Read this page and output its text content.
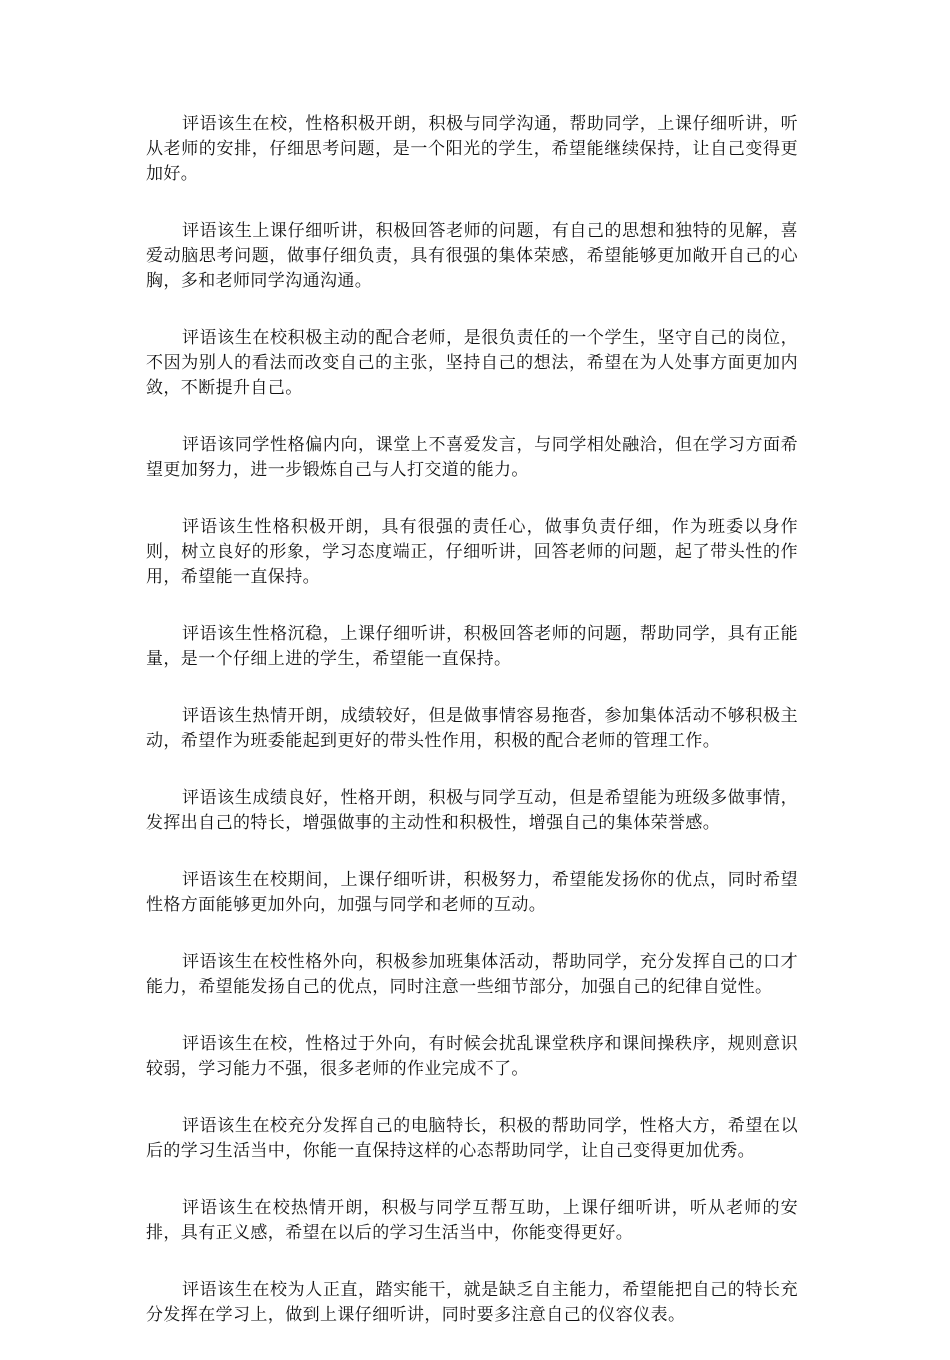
评语该生在校，性格积极开朗，积极与同学沟通，帮助同学，上课仔细听讲，听从老师的安排，仔细思考问题，是一个阳光的学生，希望能继续保持，让自己变得更加好。

评语该生上课仔细听讲，积极回答老师的问题，有自己的思想和独特的见解，喜爱动脑思考问题，做事仔细负责，具有很强的集体荣感，希望能够更加敞开自己的心胸，多和老师同学沟通沟通。

评语该生在校积极主动的配合老师，是很负责任的一个学生，坚守自己的岗位，不因为别人的看法而改变自己的主张，坚持自己的想法，希望在为人处事方面更加内敛，不断提升自己。

评语该同学性格偏内向，课堂上不喜爱发言，与同学相处融洽，但在学习方面希望更加努力，进一步锻炼自己与人打交道的能力。

评语该生性格积极开朗，具有很强的责任心，做事负责仔细，作为班委以身作则，树立良好的形象，学习态度端正，仔细听讲，回答老师的问题，起了带头性的作用，希望能一直保持。

评语该生性格沉稳，上课仔细听讲，积极回答老师的问题，帮助同学，具有正能量，是一个仔细上进的学生，希望能一直保持。

评语该生热情开朗，成绩较好，但是做事情容易拖沓，参加集体活动不够积极主动，希望作为班委能起到更好的带头性作用，积极的配合老师的管理工作。

评语该生成绩良好，性格开朗，积极与同学互动，但是希望能为班级多做事情，发挥出自己的特长，增强做事的主动性和积极性，增强自己的集体荣誉感。

评语该生在校期间，上课仔细听讲，积极努力，希望能发扬你的优点，同时希望性格方面能够更加外向，加强与同学和老师的互动。

评语该生在校性格外向，积极参加班集体活动，帮助同学，充分发挥自己的口才能力，希望能发扬自己的优点，同时注意一些细节部分，加强自己的纪律自觉性。

评语该生在校，性格过于外向，有时候会扰乱课堂秩序和课间操秩序，规则意识较弱，学习能力不强，很多老师的作业完成不了。

评语该生在校充分发挥自己的电脑特长，积极的帮助同学，性格大方，希望在以后的学习生活当中，你能一直保持这样的心态帮助同学，让自己变得更加优秀。

评语该生在校热情开朗，积极与同学互帮互助，上课仔细听讲，听从老师的安排，具有正义感，希望在以后的学习生活当中，你能变得更好。

评语该生在校为人正直，踏实能干，就是缺乏自主能力，希望能把自己的特长充分发挥在学习上，做到上课仔细听讲，同时要多注意自己的仪容仪表。
